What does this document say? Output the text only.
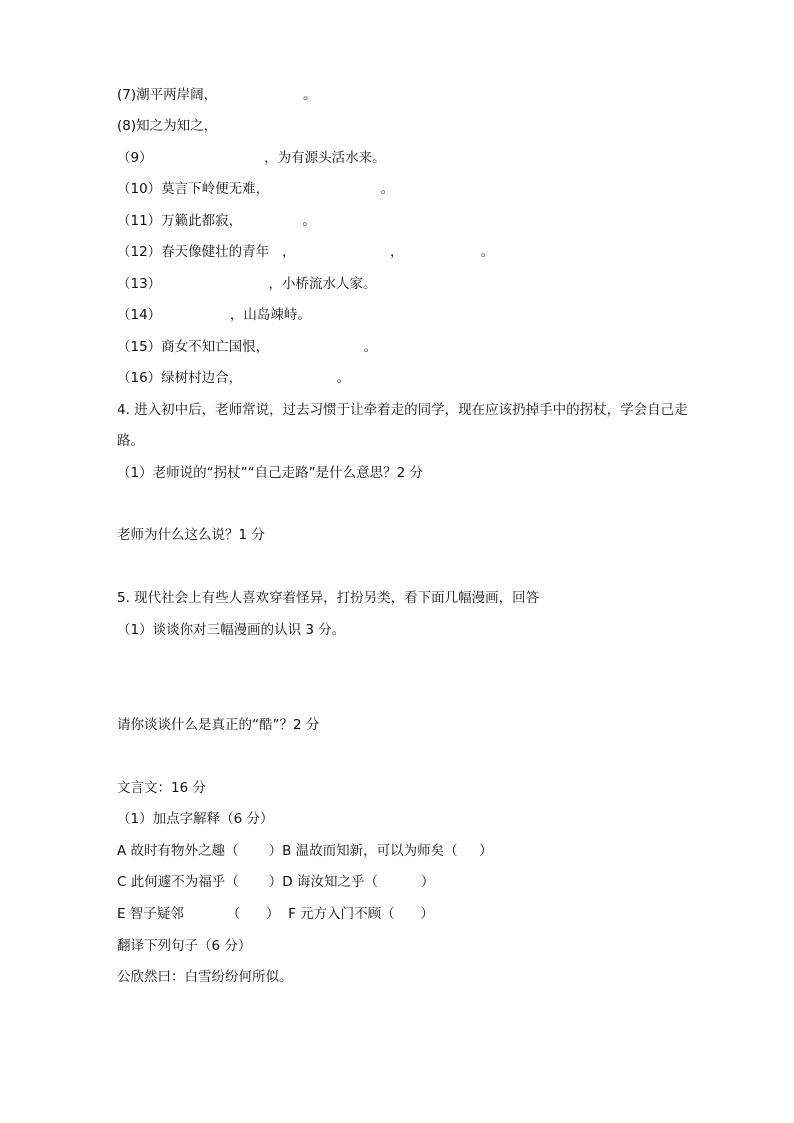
(7)潮平两岸阔，                    。
(8)知之为知之，
（9）                          ，为有源头活水来。
（10）莫言下岭便无难，                          。
（11）万籁此都寂，              。
（12）春天像健壮的青年   ，                      ，                  。
（13）                         ，小桥流水人家。
（14）                ，山岛竦峙。
（15）商女不知亡国恨，                      。
（16）绿树村边合，                      。
4. 进入初中后，老师常说，过去习惯于让牵着走的同学，现在应该扔掉手中的拐杖，学会自己走
路。
（1）老师说的“拐杖”“自己走路”是什么意思？2 分
老师为什么这么说？1 分
5. 现代社会上有些人喜欢穿着怪异，打扮另类，看下面几幅漫画，回答
（1）谈谈你对三幅漫画的认识 3 分。
请你谈谈什么是真正的“酷”？2 分
文言文：16 分
（1）加点字解释（6 分）
A 故时有物外之趣（       ）B 温故而知新，可以为师矣（     ）
C 此何遽不为福乎（       ）D 诲汝知之乎（          ）
E 智子疑邻          （      ）  F 元方入门不顾（      ）
翻译下列句子（6 分）
公欣然曰：白雪纷纷何所似。
